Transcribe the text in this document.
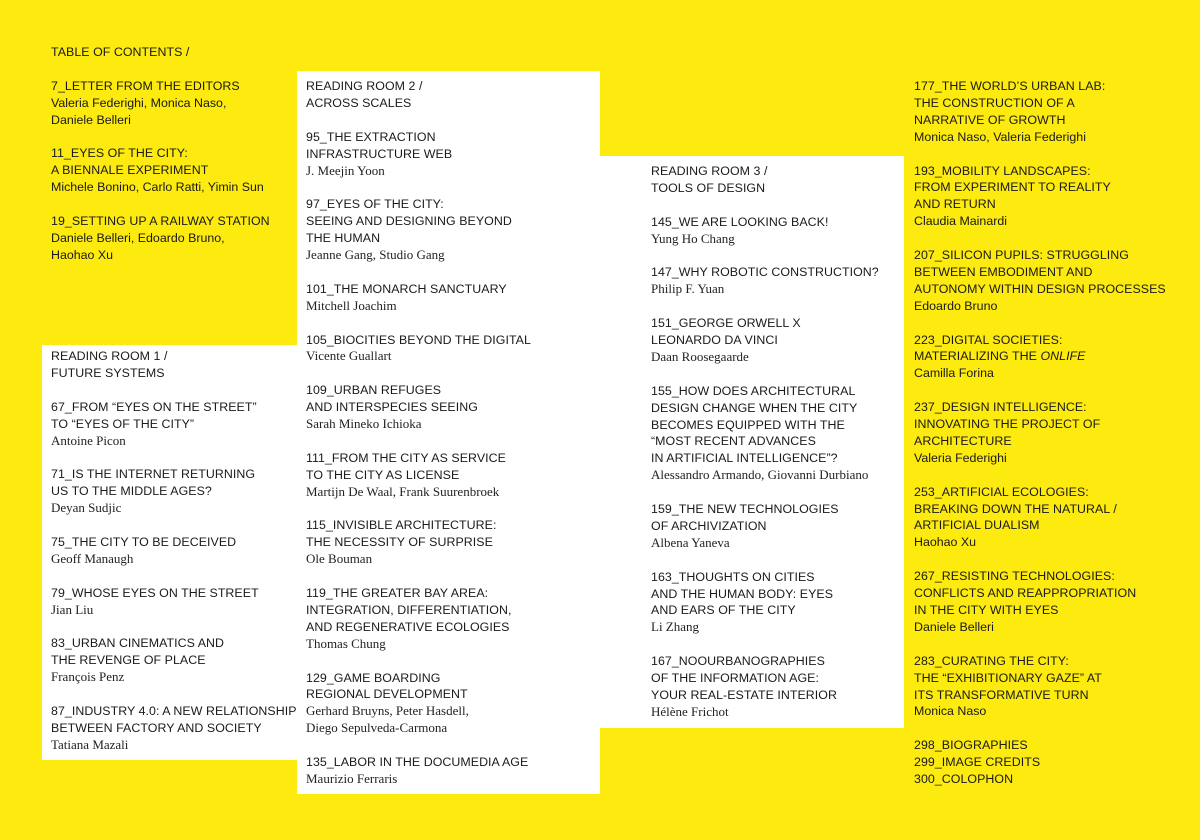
TABLE OF CONTENTS /
7_LETTER FROM THE EDITORS
Valeria Federighi, Monica Naso,
Daniele Belleri
11_EYES OF THE CITY:
A BIENNALE EXPERIMENT
Michele Bonino, Carlo Ratti, Yimin Sun
19_SETTING UP A RAILWAY STATION
Daniele Belleri, Edoardo Bruno,
Haohao Xu
READING ROOM 1 /
FUTURE SYSTEMS
67_FROM “EYES ON THE STREET”
TO “EYES OF THE CITY”
Antoine Picon
71_IS THE INTERNET RETURNING
US TO THE MIDDLE AGES?
Deyan Sudjic
75_THE CITY TO BE DECEIVED
Geoff Manaugh
79_WHOSE EYES ON THE STREET
Jian Liu
83_URBAN CINEMATICS AND
THE REVENGE OF PLACE
François Penz
87_INDUSTRY 4.0: A NEW RELATIONSHIP
BETWEEN FACTORY AND SOCIETY
Tatiana Mazali
READING ROOM 2 /
ACROSS SCALES
95_THE EXTRACTION
INFRASTRUCTURE WEB
J. Meejin Yoon
97_EYES OF THE CITY:
SEEING AND DESIGNING BEYOND
THE HUMAN
Jeanne Gang, Studio Gang
101_THE MONARCH SANCTUARY
Mitchell Joachim
105_BIOCITIES BEYOND THE DIGITAL
Vicente Guallart
109_URBAN REFUGES
AND INTERSPECIES SEEING
Sarah Mineko Ichioka
111_FROM THE CITY AS SERVICE
TO THE CITY AS LICENSE
Martijn De Waal, Frank Suurenbroek
115_INVISIBLE ARCHITECTURE:
THE NECESSITY OF SURPRISE
Ole Bouman
119_THE GREATER BAY AREA:
INTEGRATION, DIFFERENTIATION,
AND REGENERATIVE ECOLOGIES
Thomas Chung
129_GAME BOARDING
REGIONAL DEVELOPMENT
Gerhard Bruyns, Peter Hasdell,
Diego Sepulveda-Carmona
135_LABOR IN THE DOCUMEDIA AGE
Maurizio Ferraris
READING ROOM 3 /
TOOLS OF DESIGN
145_WE ARE LOOKING BACK!
Yung Ho Chang
147_WHY ROBOTIC CONSTRUCTION?
Philip F. Yuan
151_GEORGE ORWELL X
LEONARDO DA VINCI
Daan Roosegaarde
155_HOW DOES ARCHITECTURAL
DESIGN CHANGE WHEN THE CITY
BECOMES EQUIPPED WITH THE
“MOST RECENT ADVANCES
IN ARTIFICIAL INTELLIGENCE”?
Alessandro Armando, Giovanni Durbiano
159_THE NEW TECHNOLOGIES
OF ARCHIVIZATION
Albena Yaneva
163_THOUGHTS ON CITIES
AND THE HUMAN BODY: EYES
AND EARS OF THE CITY
Li Zhang
167_NOOURBANOGRAPHIES
OF THE INFORMATION AGE:
YOUR REAL-ESTATE INTERIOR
Hélène Frichot
177_THE WORLD’S URBAN LAB:
THE CONSTRUCTION OF A
NARRATIVE OF GROWTH
Monica Naso, Valeria Federighi
193_MOBILITY LANDSCAPES:
FROM EXPERIMENT TO REALITY
AND RETURN
Claudia Mainardi
207_SILICON PUPILS: STRUGGLING
BETWEEN EMBODIMENT AND
AUTONOMY WITHIN DESIGN PROCESSES
Edoardo Bruno
223_DIGITAL SOCIETIES:
MATERIALIZING THE ONLIFE
Camilla Forina
237_DESIGN INTELLIGENCE:
INNOVATING THE PROJECT OF
ARCHITECTURE
Valeria Federighi
253_ARTIFICIAL ECOLOGIES:
BREAKING DOWN THE NATURAL /
ARTIFICIAL DUALISM
Haohao Xu
267_RESISTING TECHNOLOGIES:
CONFLICTS AND REAPPROPRIATION
IN THE CITY WITH EYES
Daniele Belleri
283_CURATING THE CITY:
THE “EXHIBITIONARY GAZE” AT
ITS TRANSFORMATIVE TURN
Monica Naso
298_BIOGRAPHIES
299_IMAGE CREDITS
300_COLOPHON
